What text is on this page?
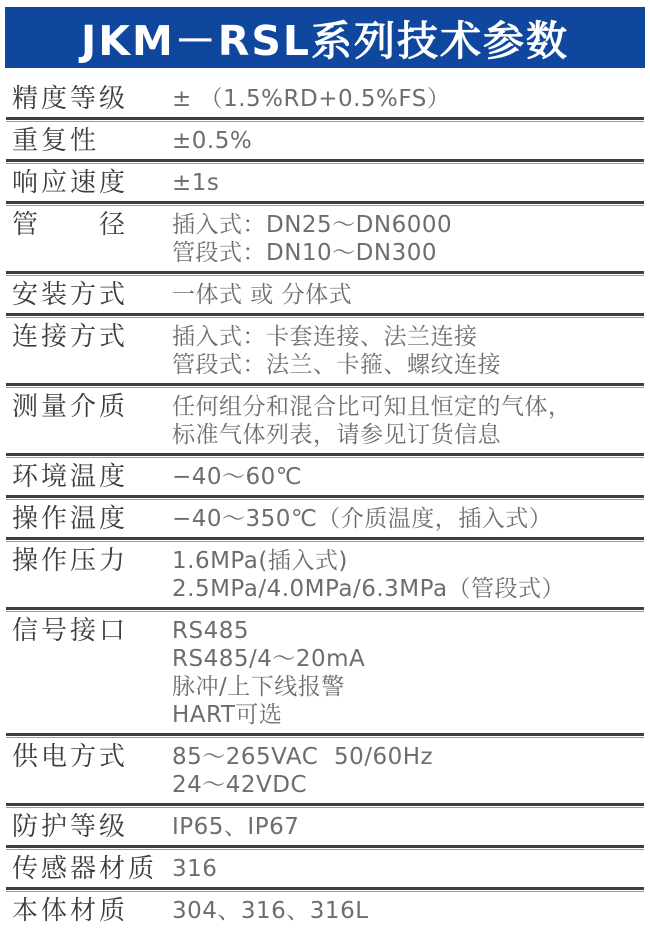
JKM－RSL系列技术参数
精度等级	± （1.5%RD+0.5%FS）
重复性	±0.5%
响应速度	±1s
管　　径	插入式：DN25～DN6000
管段式：DN10～DN300
安装方式	一体式 或 分体式
连接方式	插入式：卡套连接、法兰连接
管段式：法兰、卡箍、螺纹连接
测量介质	任何组分和混合比可知且恒定的气体，
标准气体列表，请参见订货信息
环境温度	−40～60℃
操作温度	−40～350℃（介质温度，插入式）
操作压力	1.6MPa(插入式)
2.5MPa/4.0MPa/6.3MPa（管段式）
信号接口	RS485
RS485/4～20mA
脉冲/上下线报警
HART可选
供电方式	85～265VAC  50/60Hz
24～42VDC
防护等级	IP65、IP67
传感器材质 316
本体材质	304、316、316L
